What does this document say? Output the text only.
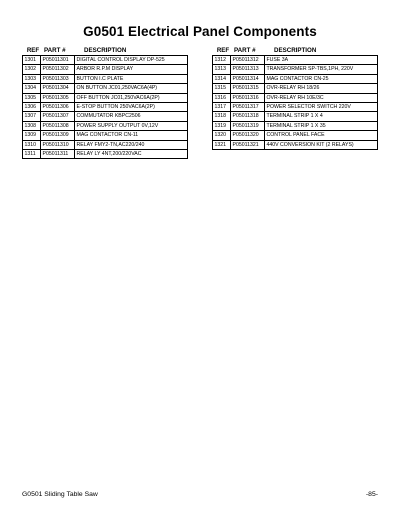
G0501 Electrical Panel Components
REF PART #	DESCRIPTION
1301	P05011301	DIGITAL CONTROL DISPLAY DP-525
1302	P05011302	ARBOR R.P.M DISPLAY
1303	P05011303	BUTTON I.C PLATE
1304	P05011304	ON BUTTON JC01,250VAC6A(4P)
1305	P05011305	OFF BUTTON JC01,250VAC6A(2P)
1306	P05011306	E-STOP BUTTON 250VAC6A(2P)
1307	P05011307	COMMUTATOR KBPC2506
1308	P05011308	POWER SUPPLY OUTPUT 0V,12V
1309	P05011309	MAG CONTACTOR CN-11
1310	P05011310	RELAY FMY2-TN,AC220/240
1311	P05011311	RELAY LY 4NT,200/220VAC
REF PART #	DESCRIPTION
1312	P05011312	FUSE 3A
1313	P05011313	TRANSFORMER SP-TBS,1PH, 220V
1314	P05011314	MAG CONTACTOR CN-25
1315	P05011315	OVR-RELAY RH 18/26
1316	P05011316	OVR-RELAY RH 10E/3C
1317	P05011317	POWER SELECTOR SWITCH 220V
1318	P05011318	TERMINAL STRIP 1 X 4
1319	P05011319	TERMINAL STRIP 1 X 35
1320	P05011320	CONTROL PANEL FACE
1321	P05011321	440V CONVERSION KIT (2 RELAYS)
G0501 Sliding Table Saw	-85-
